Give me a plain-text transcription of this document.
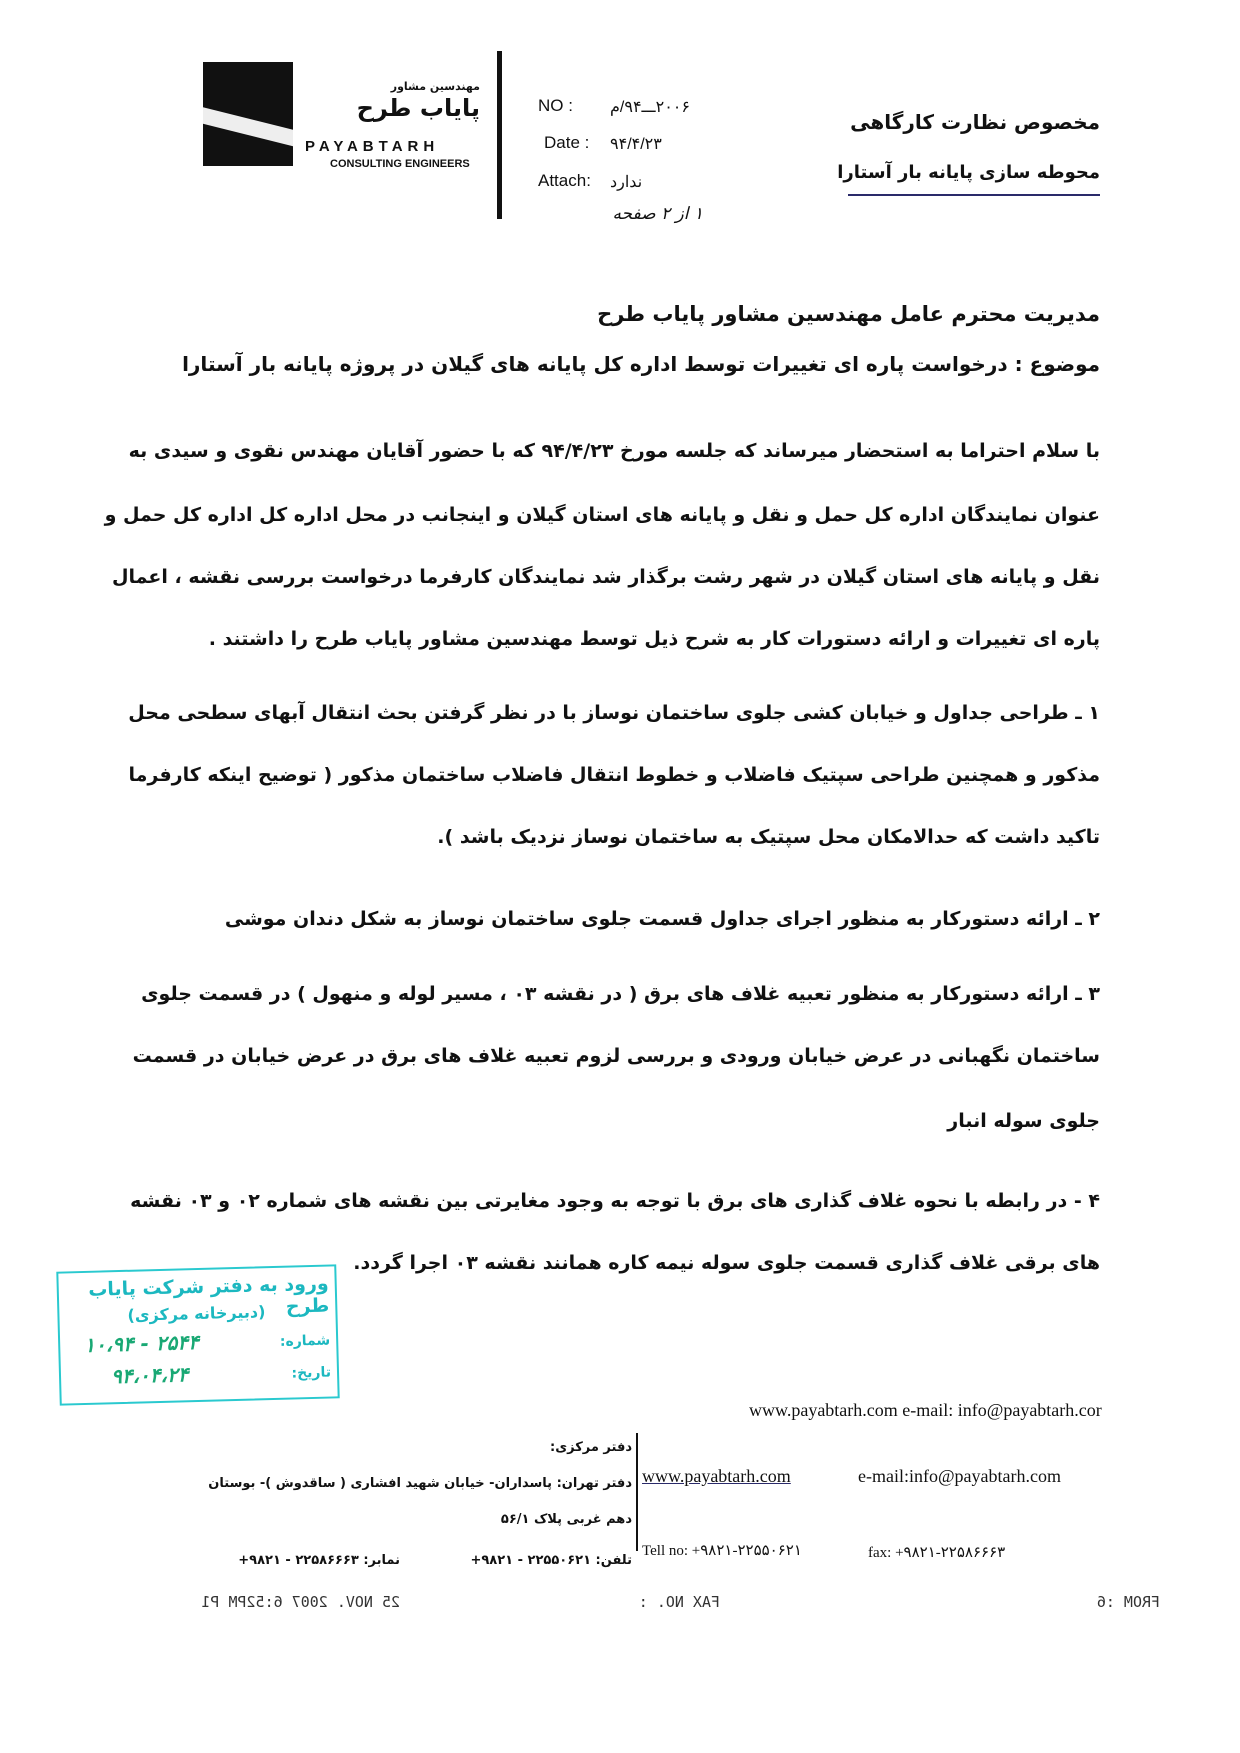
مهندسین مشاور
پایاب طرح
PAYABTARH
CONSULTING ENGINEERS
NO : ۲۰۰۶ـــ۹۴/م
Date : ۹۴/۴/۲۳
Attach: ندارد
۱ از ۲ صفحه
مخصوص نظارت کارگاهی
محوطه سازی پایانه بار آستارا
مدیریت محترم عامل مهندسین مشاور پایاب طرح
موضوع : درخواست پاره ای تغییرات توسط اداره کل پایانه های گیلان در پروژه پایانه بار آستارا
با سلام احتراما به استحضار میرساند که جلسه مورخ ۹۴/۴/۲۳ که با حضور آقایان مهندس نقوی و سیدی به
عنوان نمایندگان اداره کل حمل و نقل و پایانه های استان گیلان و اینجانب در محل اداره کل اداره کل حمل و
نقل و پایانه های استان گیلان در شهر رشت برگذار شد نمایندگان کارفرما درخواست بررسی نقشه ، اعمال
پاره ای تغییرات و ارائه دستورات کار به شرح ذیل توسط مهندسین مشاور پایاب طرح را داشتند .
۱ ـ طراحی جداول و خیابان کشی جلوی ساختمان نوساز با در نظر گرفتن بحث انتقال آبهای سطحی محل
مذکور و همچنین طراحی سپتیک فاضلاب و خطوط انتقال فاضلاب ساختمان مذکور ( توضیح اینکه کارفرما
تاکید داشت که حدالامکان محل سپتیک به ساختمان نوساز نزدیک باشد ).
۲ ـ ارائه دستورکار به منظور اجرای جداول قسمت جلوی ساختمان نوساز به شکل دندان موشی
۳ ـ ارائه دستورکار به منظور تعبیه غلاف های برق ( در نقشه ۰۳ ، مسیر لوله و منهول ) در قسمت جلوی
ساختمان نگهبانی در عرض خیابان ورودی و بررسی لزوم تعبیه غلاف های برق در عرض خیابان در قسمت
جلوی سوله انبار
۴ - در رابطه با نحوه غلاف گذاری های برق با توجه به وجود مغایرتی بین نقشه های شماره ۰۲ و ۰۳ نقشه
های برقی غلاف گذاری قسمت جلوی سوله نیمه کاره همانند نقشه ۰۳ اجرا گردد.
ورود به دفتر شرکت پایاب طرح
(دبیرخانه مرکزی)
شماره:
۱۰،۹۴ - ۲۵۴۴
تاریخ:
۹۴،۰۴،۲۴
www.payabtarh.com e-mail: info@payabtarh.cor
دفتر مرکزی:
دفتر تهران: پاسداران- خیابان شهید افشاری ( ساقدوش )- بوستان
دهم غربی پلاک ۵۶/۱
تلفن: ۲۲۵۵۰۶۲۱ - ۹۸۲۱+
نمابر: ۲۲۵۸۶۶۶۳ - ۹۸۲۱+
www.payabtarh.com	e-mail:info@payabtarh.com
Tell no: +۹۸۲۱-۲۲۵۵۰۶۲۱	fax: +۹۸۲۱-۲۲۵۸۶۶۶۳
FROM :6
FAX NO. :
25 NOV. 2007 6:52PM P1
